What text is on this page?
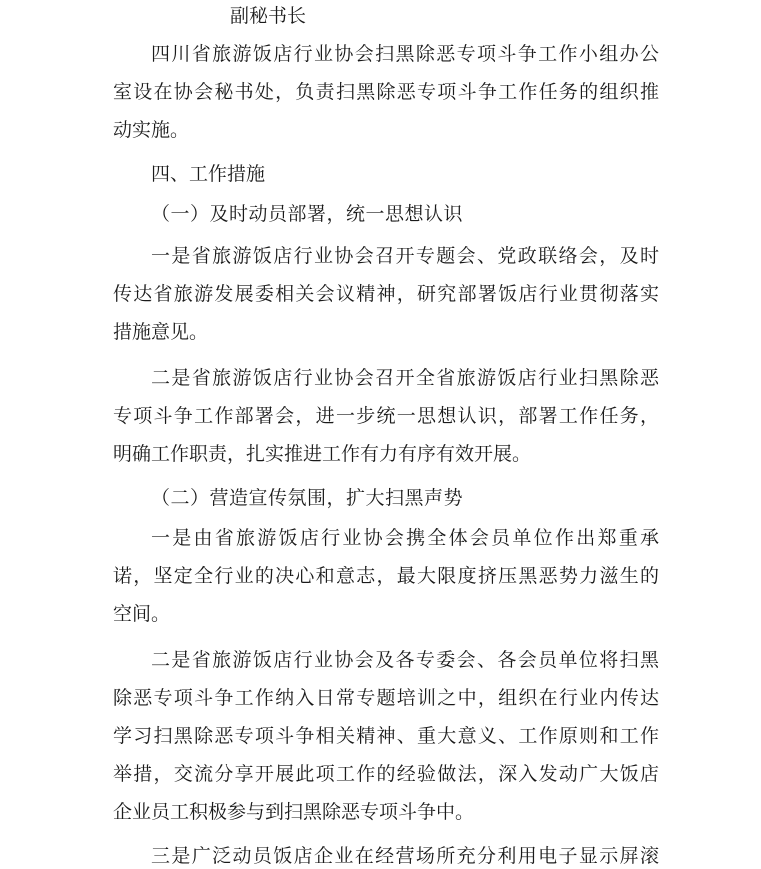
副秘书长
四川省旅游饭店行业协会扫黑除恶专项斗争工作小组办公
室设在协会秘书处，负责扫黑除恶专项斗争工作任务的组织推
动实施。
四、工作措施
（一）及时动员部署，统一思想认识
一是省旅游饭店行业协会召开专题会、党政联络会，及时
传达省旅游发展委相关会议精神，研究部署饭店行业贯彻落实
措施意见。
二是省旅游饭店行业协会召开全省旅游饭店行业扫黑除恶
专项斗争工作部署会，进一步统一思想认识，部署工作任务，
明确工作职责，扎实推进工作有力有序有效开展。
（二）营造宣传氛围，扩大扫黑声势
一是由省旅游饭店行业协会携全体会员单位作出郑重承
诺，坚定全行业的决心和意志，最大限度挤压黑恶势力滋生的
空间。
二是省旅游饭店行业协会及各专委会、各会员单位将扫黑
除恶专项斗争工作纳入日常专题培训之中，组织在行业内传达
学习扫黑除恶专项斗争相关精神、重大意义、工作原则和工作
举措，交流分享开展此项工作的经验做法，深入发动广大饭店
企业员工积极参与到扫黑除恶专项斗争中。
三是广泛动员饭店企业在经营场所充分利用电子显示屏滚
